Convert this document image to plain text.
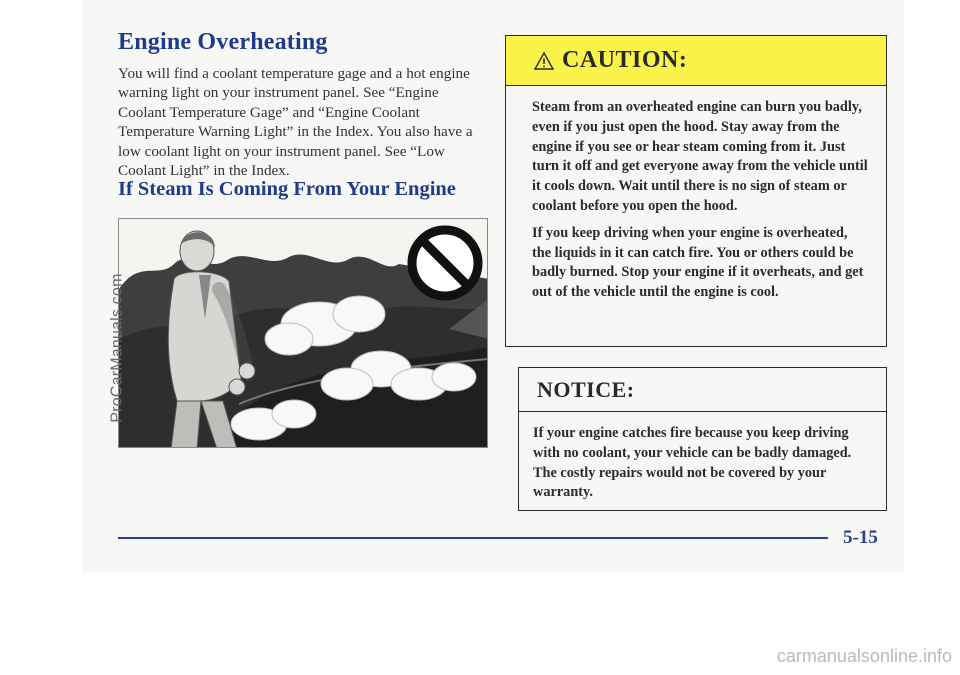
Engine Overheating
You will find a coolant temperature gage and a hot engine warning light on your instrument panel. See “Engine Coolant Temperature Gage” and “Engine Coolant Temperature Warning Light” in the Index. You also have a low coolant light on your instrument panel. See “Low Coolant Light” in the Index.
If Steam Is Coming From Your Engine
CAUTION:

Steam from an overheated engine can burn you badly, even if you just open the hood. Stay away from the engine if you see or hear steam coming from it. Just turn it off and get everyone away from the vehicle until it cools down. Wait until there is no sign of steam or coolant before you open the hood.

If you keep driving when your engine is overheated, the liquids in it can catch fire. You or others could be badly burned. Stop your engine if it overheats, and get out of the vehicle until the engine is cool.

NOTICE:

If your engine catches fire because you keep driving with no coolant, your vehicle can be badly damaged. The costly repairs would not be covered by your warranty.

5-15
ProCarManuals.com
carmanualsonline.info
